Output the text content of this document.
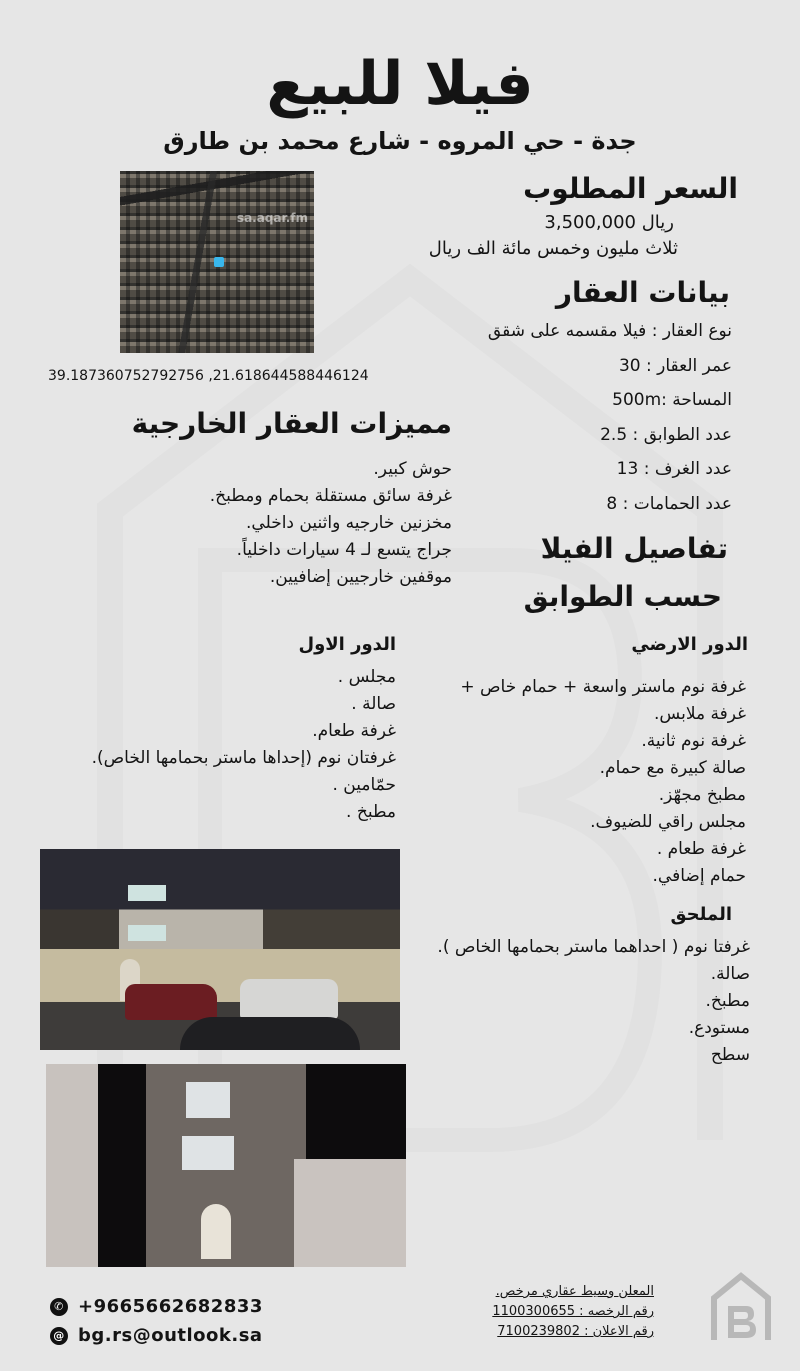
فيلا للبيع
جدة - حي المروه - شارع محمد بن طارق
sa.aqar.fm
39.187360752792756 ,21.618644588446124
السعر المطلوب
ريال 3,500,000
ثلاث مليون وخمس مائة الف ريال
بيانات العقار
نوع العقار : فيلا مقسمه على شقق
عمر العقار : 30
المساحة :500m
عدد الطوابق : 2.5
عدد الغرف : 13
عدد الحمامات : 8
مميزات العقار الخارجية
حوش كبير.
غرفة سائق مستقلة بحمام ومطبخ.
مخزنين خارجيه واثنين داخلي.
جراج يتسع لـ 4 سيارات داخلياً.
موقفين خارجيين إضافيين.
تفاصيل الفيلا
حسب الطوابق
الدور الارضي
غرفة نوم ماستر واسعة + حمام خاص + غرفة ملابس.
غرفة نوم ثانية.
صالة كبيرة مع حمام.
مطبخ مجهّز.
مجلس راقي للضيوف.
غرفة طعام .
حمام إضافي.
الملحق
غرفتا نوم ( احداهما ماستر بحمامها الخاص ).
صالة.
مطبخ.
مستودع.
سطح
الدور الاول
مجلس .
صالة .
غرفة طعام.
غرفتان نوم (إحداها ماستر بحمامها الخاص).
حمّامين .
مطبخ .
✆ +9665662682833
@ bg.rs@outlook.sa
المعلن وسيط عقاري مرخص.
رقم الرخصه : 1100300655
رقم الاعلان : 7100239802
